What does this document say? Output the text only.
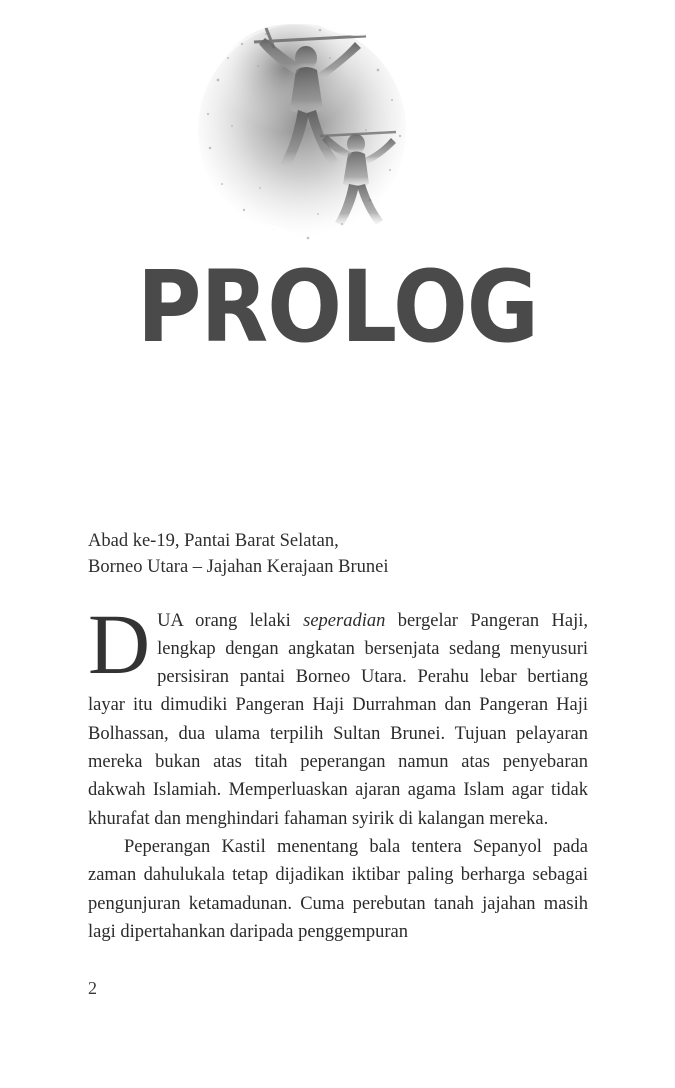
PROLOG
Abad ke-19, Pantai Barat Selatan,
Borneo Utara – Jajahan Kerajaan Brunei

DUA orang lelaki seperadian bergelar Pangeran Haji, lengkap dengan angkatan bersenjata sedang menyusuri persisiran pantai Borneo Utara. Perahu lebar bertiang layar itu dimudiki Pangeran Haji Durrahman dan Pangeran Haji Bolhassan, dua ulama terpilih Sultan Brunei. Tujuan pelayaran mereka bukan atas titah peperangan namun atas penyebaran dakwah Islamiah. Memperluaskan ajaran agama Islam agar tidak khurafat dan menghindari fahaman syirik di kalangan mereka.

Peperangan Kastil menentang bala tentera Sepanyol pada zaman dahulukala tetap dijadikan iktibar paling berharga sebagai pengunjuran ketamadunan. Cuma perebutan tanah jajahan masih lagi dipertahankan daripada penggempuran

2
